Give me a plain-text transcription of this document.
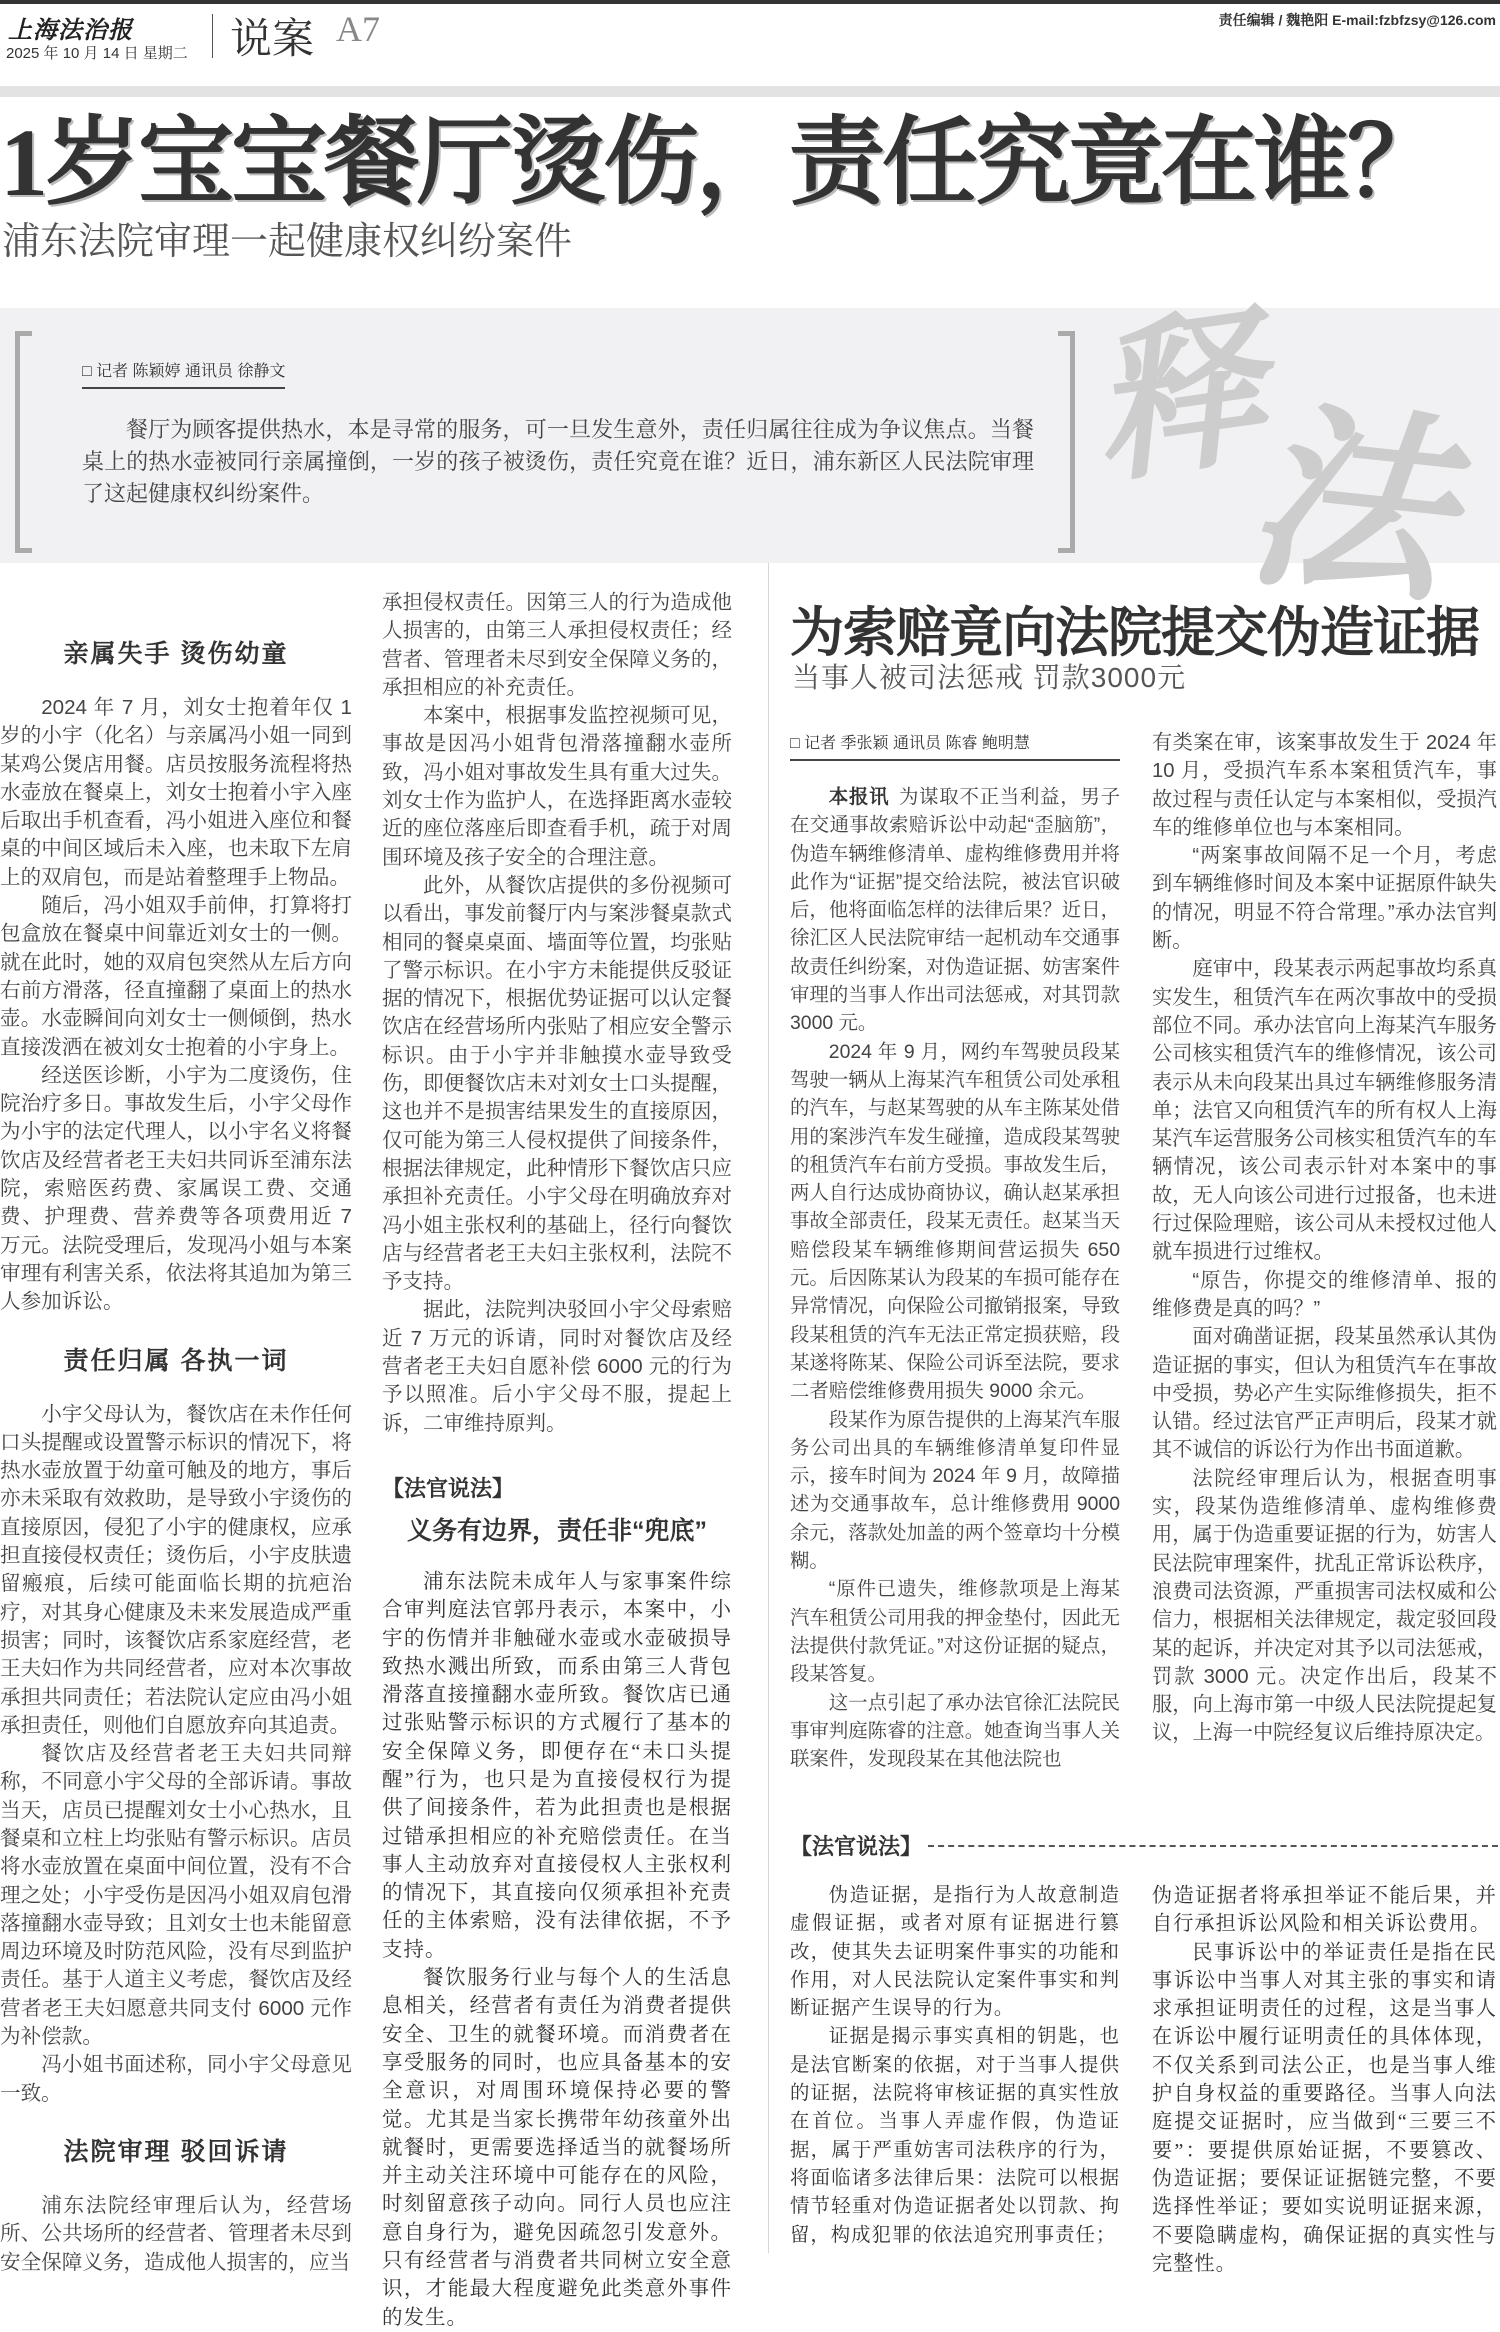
上海法治报
2025 年 10 月 14 日 星期二 说案 A7	责任编辑 / 魏艳阳 E-mail:fzbfzsy@126.com
1岁宝宝餐厅烫伤，责任究竟在谁？
浦东法院审理一起健康权纠纷案件
释
法
□ 记者 陈颖婷 通讯员 徐静文
餐厅为顾客提供热水，本是寻常的服务，可一旦发生意外，责任归属往往成为争议焦点。当餐桌上的热水壶被同行亲属撞倒，一岁的孩子被烫伤，责任究竟在谁？近日，浦东新区人民法院审理了这起健康权纠纷案件。
亲属失手 烫伤幼童

2024 年 7 月，刘女士抱着年仅 1 岁的小宇（化名）与亲属冯小姐一同到某鸡公煲店用餐。店员按服务流程将热水壶放在餐桌上，刘女士抱着小宇入座后取出手机查看，冯小姐进入座位和餐桌的中间区域后未入座，也未取下左肩上的双肩包，而是站着整理手上物品。

随后，冯小姐双手前伸，打算将打包盒放在餐桌中间靠近刘女士的一侧。就在此时，她的双肩包突然从左后方向右前方滑落，径直撞翻了桌面上的热水壶。水壶瞬间向刘女士一侧倾倒，热水直接泼洒在被刘女士抱着的小宇身上。

经送医诊断，小宇为二度烫伤，住院治疗多日。事故发生后，小宇父母作为小宇的法定代理人，以小宇名义将餐饮店及经营者老王夫妇共同诉至浦东法院，索赔医药费、家属误工费、交通费、护理费、营养费等各项费用近 7 万元。法院受理后，发现冯小姐与本案审理有利害关系，依法将其追加为第三人参加诉讼。

责任归属 各执一词

小宇父母认为，餐饮店在未作任何口头提醒或设置警示标识的情况下，将热水壶放置于幼童可触及的地方，事后亦未采取有效救助，是导致小宇烫伤的直接原因，侵犯了小宇的健康权，应承担直接侵权责任；烫伤后，小宇皮肤遗留瘢痕，后续可能面临长期的抗疤治疗，对其身心健康及未来发展造成严重损害；同时，该餐饮店系家庭经营，老王夫妇作为共同经营者，应对本次事故承担共同责任；若法院认定应由冯小姐承担责任，则他们自愿放弃向其追责。

餐饮店及经营者老王夫妇共同辩称，不同意小宇父母的全部诉请。事故当天，店员已提醒刘女士小心热水，且餐桌和立柱上均张贴有警示标识。店员将水壶放置在桌面中间位置，没有不合理之处；小宇受伤是因冯小姐双肩包滑落撞翻水壶导致；且刘女士也未能留意周边环境及时防范风险，没有尽到监护责任。基于人道主义考虑，餐饮店及经营者老王夫妇愿意共同支付 6000 元作为补偿款。

冯小姐书面述称，同小宇父母意见一致。

法院审理 驳回诉请

浦东法院经审理后认为，经营场所、公共场所的经营者、管理者未尽到安全保障义务，造成他人损害的，应当

承担侵权责任。因第三人的行为造成他人损害的，由第三人承担侵权责任；经营者、管理者未尽到安全保障义务的，承担相应的补充责任。

本案中，根据事发监控视频可见，事故是因冯小姐背包滑落撞翻水壶所致，冯小姐对事故发生具有重大过失。刘女士作为监护人，在选择距离水壶较近的座位落座后即查看手机，疏于对周围环境及孩子安全的合理注意。

此外，从餐饮店提供的多份视频可以看出，事发前餐厅内与案涉餐桌款式相同的餐桌桌面、墙面等位置，均张贴了警示标识。在小宇方未能提供反驳证据的情况下，根据优势证据可以认定餐饮店在经营场所内张贴了相应安全警示标识。由于小宇并非触摸水壶导致受伤，即便餐饮店未对刘女士口头提醒，这也并不是损害结果发生的直接原因，仅可能为第三人侵权提供了间接条件，根据法律规定，此种情形下餐饮店只应承担补充责任。小宇父母在明确放弃对冯小姐主张权利的基础上，径行向餐饮店与经营者老王夫妇主张权利，法院不予支持。

据此，法院判决驳回小宇父母索赔近 7 万元的诉请，同时对餐饮店及经营者老王夫妇自愿补偿 6000 元的行为予以照准。后小宇父母不服，提起上诉，二审维持原判。

【法官说法】
义务有边界，责任非“兜底”

浦东法院未成年人与家事案件综合审判庭法官郭丹表示，本案中，小宇的伤情并非触碰水壶或水壶破损导致热水溅出所致，而系由第三人背包滑落直接撞翻水壶所致。餐饮店已通过张贴警示标识的方式履行了基本的安全保障义务，即便存在“未口头提醒”行为，也只是为直接侵权行为提供了间接条件，若为此担责也是根据过错承担相应的补充赔偿责任。在当事人主动放弃对直接侵权人主张权利的情况下，其直接向仅须承担补充责任的主体索赔，没有法律依据，不予支持。

餐饮服务行业与每个人的生活息息相关，经营者有责任为消费者提供安全、卫生的就餐环境。而消费者在享受服务的同时，也应具备基本的安全意识，对周围环境保持必要的警觉。尤其是当家长携带年幼孩童外出就餐时，更需要选择适当的就餐场所并主动关注环境中可能存在的风险，时刻留意孩子动向。同行人员也应注意自身行为，避免因疏忽引发意外。只有经营者与消费者共同树立安全意识，才能最大程度避免此类意外事件的发生。

为索赔竟向法院提交伪造证据
当事人被司法惩戒 罚款3000元
□ 记者 季张颖 通讯员 陈睿 鲍明慧

本报讯 为谋取不正当利益，男子在交通事故索赔诉讼中动起“歪脑筋”，伪造车辆维修清单、虚构维修费用并将此作为“证据”提交给法院，被法官识破后，他将面临怎样的法律后果？近日，徐汇区人民法院审结一起机动车交通事故责任纠纷案，对伪造证据、妨害案件审理的当事人作出司法惩戒，对其罚款 3000 元。

2024 年 9 月，网约车驾驶员段某驾驶一辆从上海某汽车租赁公司处承租的汽车，与赵某驾驶的从车主陈某处借用的案涉汽车发生碰撞，造成段某驾驶的租赁汽车右前方受损。事故发生后，两人自行达成协商协议，确认赵某承担事故全部责任，段某无责任。赵某当天赔偿段某车辆维修期间营运损失 650 元。后因陈某认为段某的车损可能存在异常情况，向保险公司撤销报案，导致段某租赁的汽车无法正常定损获赔，段某遂将陈某、保险公司诉至法院，要求二者赔偿维修费用损失 9000 余元。

段某作为原告提供的上海某汽车服务公司出具的车辆维修清单复印件显示，接车时间为 2024 年 9 月，故障描述为交通事故车，总计维修费用 9000 余元，落款处加盖的两个签章均十分模糊。

“原件已遗失，维修款项是上海某汽车租赁公司用我的押金垫付，因此无法提供付款凭证。”对这份证据的疑点，段某答复。

这一点引起了承办法官徐汇法院民事审判庭陈睿的注意。她查询当事人关联案件，发现段某在其他法院也

有类案在审，该案事故发生于 2024 年 10 月，受损汽车系本案租赁汽车，事故过程与责任认定与本案相似，受损汽车的维修单位也与本案相同。

“两案事故间隔不足一个月，考虑到车辆维修时间及本案中证据原件缺失的情况，明显不符合常理。”承办法官判断。

庭审中，段某表示两起事故均系真实发生，租赁汽车在两次事故中的受损部位不同。承办法官向上海某汽车服务公司核实租赁汽车的维修情况，该公司表示从未向段某出具过车辆维修服务清单；法官又向租赁汽车的所有权人上海某汽车运营服务公司核实租赁汽车的车辆情况，该公司表示针对本案中的事故，无人向该公司进行过报备，也未进行过保险理赔，该公司从未授权过他人就车损进行过维权。

“原告，你提交的维修清单、报的维修费是真的吗？”

面对确凿证据，段某虽然承认其伪造证据的事实，但认为租赁汽车在事故中受损，势必产生实际维修损失，拒不认错。经过法官严正声明后，段某才就其不诚信的诉讼行为作出书面道歉。

法院经审理后认为，根据查明事实，段某伪造维修清单、虚构维修费用，属于伪造重要证据的行为，妨害人民法院审理案件，扰乱正常诉讼秩序，浪费司法资源，严重损害司法权威和公信力，根据相关法律规定，裁定驳回段某的起诉，并决定对其予以司法惩戒，罚款 3000 元。决定作出后，段某不服，向上海市第一中级人民法院提起复议，上海一中院经复议后维持原决定。

【法官说法】

伪造证据，是指行为人故意制造虚假证据，或者对原有证据进行篡改，使其失去证明案件事实的功能和作用，对人民法院认定案件事实和判断证据产生误导的行为。

证据是揭示事实真相的钥匙，也是法官断案的依据，对于当事人提供的证据，法院将审核证据的真实性放在首位。当事人弄虚作假，伪造证据，属于严重妨害司法秩序的行为，将面临诸多法律后果：法院可以根据情节轻重对伪造证据者处以罚款、拘留，构成犯罪的依法追究刑事责任；

伪造证据者将承担举证不能后果，并自行承担诉讼风险和相关诉讼费用。

民事诉讼中的举证责任是指在民事诉讼中当事人对其主张的事实和请求承担证明责任的过程，这是当事人在诉讼中履行证明责任的具体体现，不仅关系到司法公正，也是当事人维护自身权益的重要路径。当事人向法庭提交证据时，应当做到“三要三不要”：要提供原始证据，不要篡改、伪造证据；要保证证据链完整，不要选择性举证；要如实说明证据来源，不要隐瞒虚构，确保证据的真实性与完整性。
